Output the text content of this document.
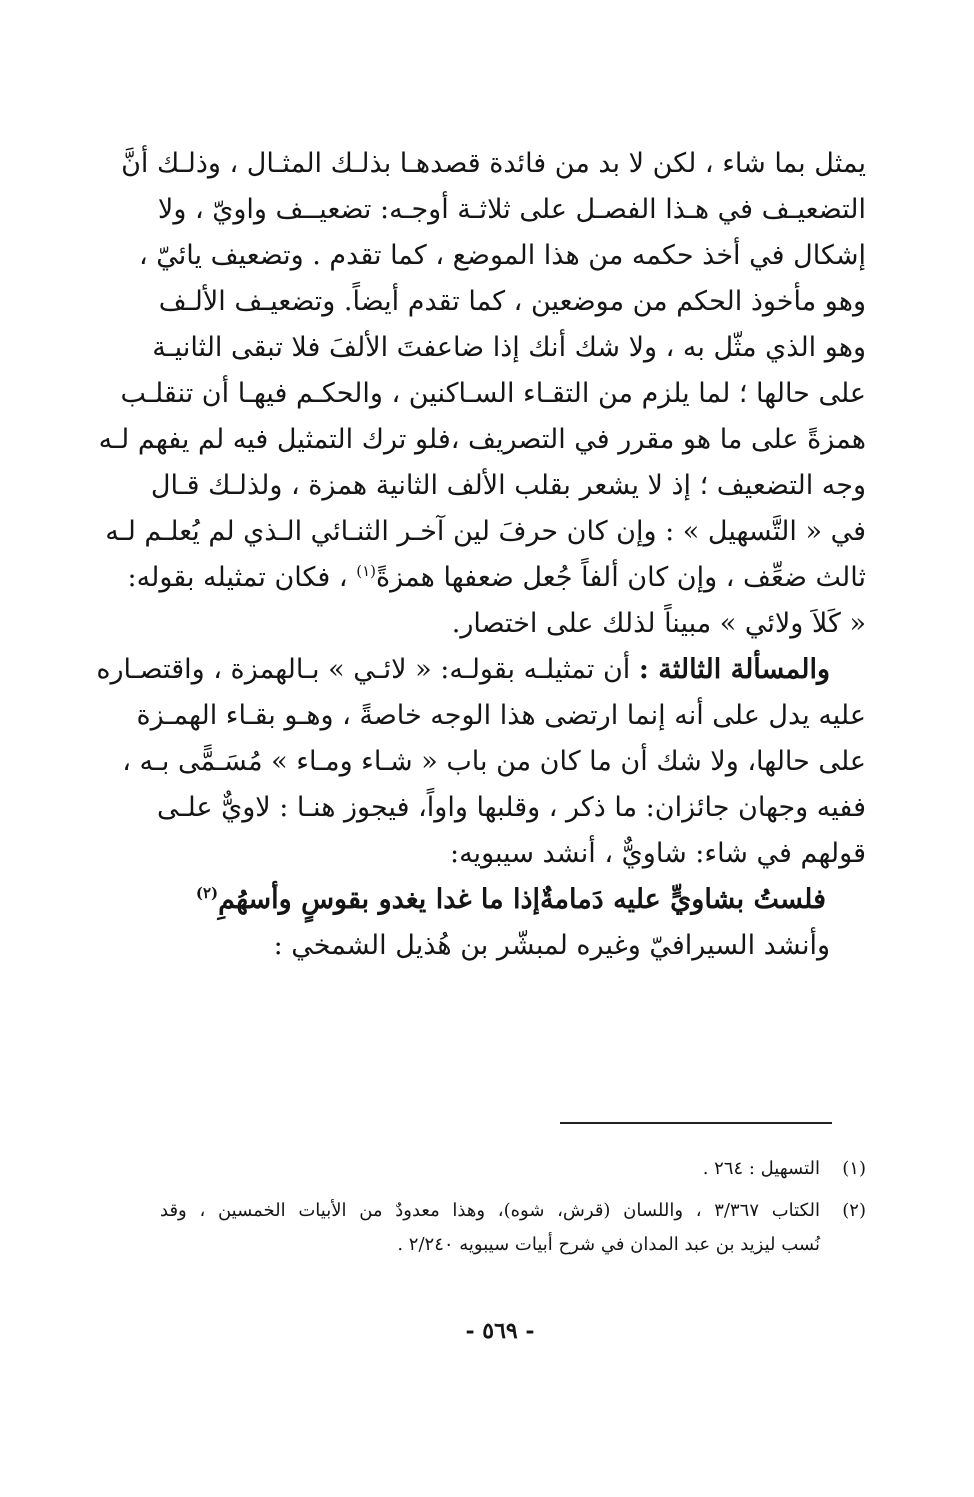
يمثل بما شاء ، لكن لا بد من فائدة قصدهـا بذلـك المثـال ، وذلـك أنَّ
التضعيـف في هـذا الفصـل على ثلاثـة أوجـه: تضعيــف واويّ ، ولا
إشكال في أخذ حكمه من هذا الموضع ، كما تقدم . وتضعيف يائيّ ،
وهو مأخوذ الحكم من موضعين ، كما تقدم أيضاً. وتضعيـف الألـف
وهو الذي مثّل به ، ولا شك أنك إذا ضاعفتَ الألفَ فلا تبقى الثانيـة
على حالها ؛ لما يلزم من التقـاء السـاكنين ، والحكـم فيهـا أن تنقلـب
همزةً على ما هو مقرر في التصريف ،فلو ترك التمثيل فيه لم يفهم لـه
وجه التضعيف ؛ إذ لا يشعر بقلب الألف الثانية همزة ، ولذلـك قـال
في « التَّسهيل » : وإن كان حرفَ لين آخـر الثنـائي الـذي لم يُعلـم لـه
ثالث ضعِّف ، وإن كان ألفاً جُعل ضعفها همزةً$^{(١)}$ ، فكان تمثيله بقوله:
« كَلاَ ولائي » مبيناً لذلك على اختصار.
والمسألة الثالثة : أن تمثيلـه بقولـه: « لائـي » بـالهمزة ، واقتصـاره
عليه يدل على أنه إنما ارتضى هذا الوجه خاصةً ، وهـو بقـاء الهمـزة
على حالها، ولا شك أن ما كان من باب « شـاء ومـاء » مُسَـمًّى بـه ،
ففيه وجهان جائزان: ما ذكر ، وقلبها واواً، فيجوز هنـا : لاويٌّ علـى
قولهم في شاء: شاويٌّ ، أنشد سيبويه:
فلستُ بشاويٍّ عليه دَمامةٌ
إذا ما غدا يغدو بقوسٍ وأسهُمِ$^{(٢)}$
وأنشد السيرافيّ وغيره لمبشّر بن هُذيل الشمخي :
(١)
التسهيل : ٢٦٤ .
(٢)
الكتاب ٣/٣٦٧ ، واللسان (قرش، شوه)، وهذا معدودٌ من الأبيات الخمسين ، وقد
نُسب ليزيد بن عبد المدان في شرح أبيات سيبويه ٢/٢٤٠ .
- ٥٦٩ -
